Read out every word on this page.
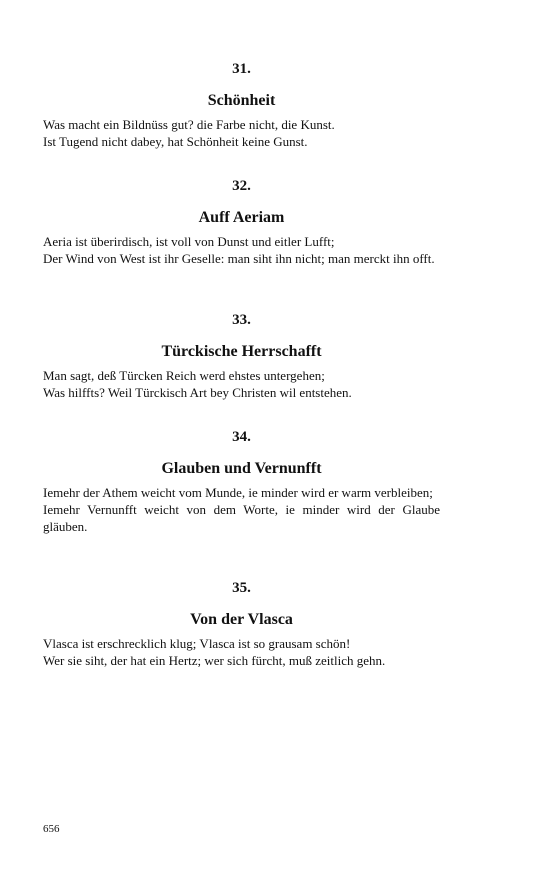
31.
Schönheit
Was macht ein Bildnüss gut? die Farbe nicht, die Kunst.
Ist Tugend nicht dabey, hat Schönheit keine Gunst.
32.
Auff Aeriam
Aeria ist überirdisch, ist voll von Dunst und eitler Lufft;
Der Wind von West ist ihr Geselle: man siht ihn nicht; man merckt ihn offt.
33.
Türckische Herrschafft
Man sagt, deß Türcken Reich werd ehstes untergehen;
Was hilffts? Weil Türckisch Art bey Christen wil entstehen.
34.
Glauben und Vernunfft
Iemehr der Athem weicht vom Munde, ie minder wird er warm verbleiben;
Iemehr Vernunfft weicht von dem Worte, ie minder wird der Glaube gläuben.
35.
Von der Vlasca
Vlasca ist erschrecklich klug; Vlasca ist so grausam schön!
Wer sie siht, der hat ein Hertz; wer sich fürcht, muß zeitlich gehn.
656
